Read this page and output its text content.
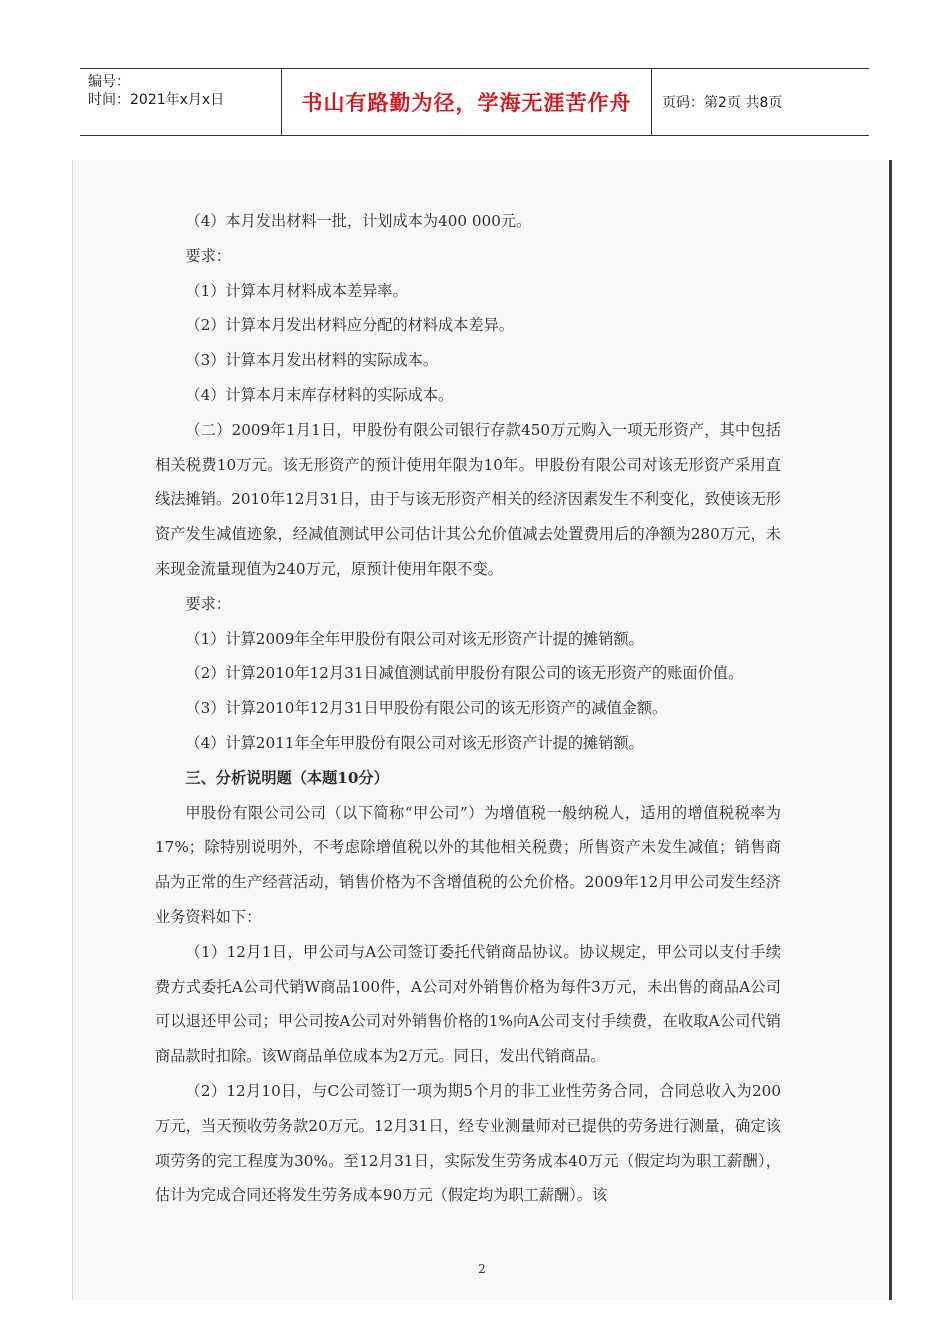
编号：
时间：2021年x月x日	书山有路勤为径，学海无涯苦作舟	页码：第2页 共8页

（4）本月发出材料一批，计划成本为400 000元。

要求：

（1）计算本月材料成本差异率。

（2）计算本月发出材料应分配的材料成本差异。

（3）计算本月发出材料的实际成本。

（4）计算本月末库存材料的实际成本。

（二）2009年1月1日，甲股份有限公司银行存款450万元购入一项无形资产，其中包括相关税费10万元。该无形资产的预计使用年限为10年。甲股份有限公司对该无形资产采用直线法摊销。2010年12月31日，由于与该无形资产相关的经济因素发生不利变化，致使该无形资产发生减值迹象，经减值测试甲公司估计其公允价值减去处置费用后的净额为280万元，未来现金流量现值为240万元，原预计使用年限不变。

要求：

（1）计算2009年全年甲股份有限公司对该无形资产计提的摊销额。

（2）计算2010年12月31日减值测试前甲股份有限公司的该无形资产的账面价值。

（3）计算2010年12月31日甲股份有限公司的该无形资产的减值金额。

（4）计算2011年全年甲股份有限公司对该无形资产计提的摊销额。

三、分析说明题（本题10分）

甲股份有限公司公司（以下简称“甲公司”）为增值税一般纳税人，适用的增值税税率为17%；除特别说明外，不考虑除增值税以外的其他相关税费；所售资产未发生减值；销售商品为正常的生产经营活动，销售价格为不含增值税的公允价格。2009年12月甲公司发生经济业务资料如下：

（1）12月1日，甲公司与A公司签订委托代销商品协议。协议规定，甲公司以支付手续费方式委托A公司代销W商品100件，A公司对外销售价格为每件3万元，未出售的商品A公司可以退还甲公司；甲公司按A公司对外销售价格的1%向A公司支付手续费，在收取A公司代销商品款时扣除。该W商品单位成本为2万元。同日，发出代销商品。

（2）12月10日，与C公司签订一项为期5个月的非工业性劳务合同，合同总收入为200万元，当天预收劳务款20万元。12月31日，经专业测量师对已提供的劳务进行测量，确定该项劳务的完工程度为30%。至12月31日，实际发生劳务成本40万元（假定均为职工薪酬），估计为完成合同还将发生劳务成本90万元（假定均为职工薪酬）。该

2
